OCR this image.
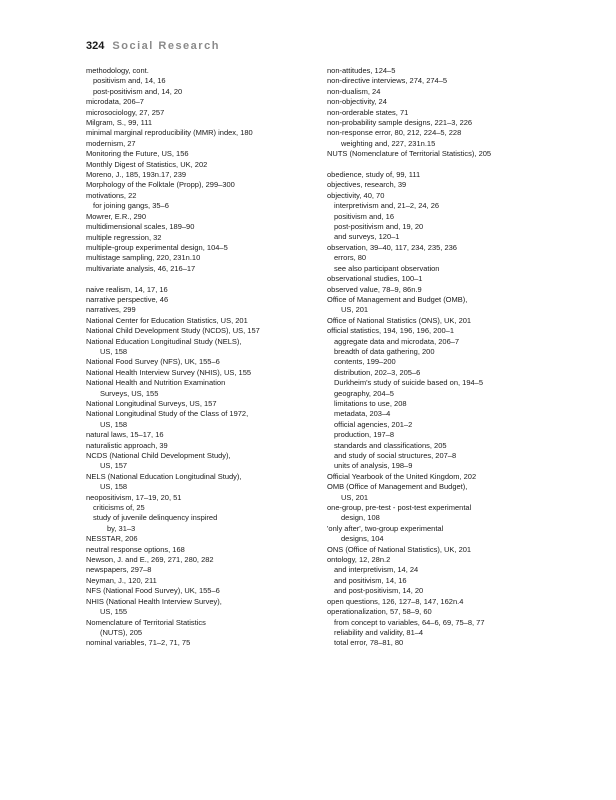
324 Social Research
methodology, cont.
positivism and, 14, 16
post-positivism and, 14, 20
microdata, 206–7
microsociology, 27, 257
Milgram, S., 99, 111
minimal marginal reproducibility (MMR) index, 180
modernism, 27
Monitoring the Future, US, 156
Monthly Digest of Statistics, UK, 202
Moreno, J., 185, 193n.17, 239
Morphology of the Folktale (Propp), 299–300
motivations, 22
for joining gangs, 35–6
Mowrer, E.R., 290
multidimensional scales, 189–90
multiple regression, 32
multiple-group experimental design, 104–5
multistage sampling, 220, 231n.10
multivariate analysis, 46, 216–17
naive realism, 14, 17, 16
narrative perspective, 46
narratives, 299
National Center for Education Statistics, US, 201
National Child Development Study (NCDS), US, 157
National Education Longitudinal Study (NELS),
US, 158
National Food Survey (NFS), UK, 155–6
National Health Interview Survey (NHIS), US, 155
National Health and Nutrition Examination
Surveys, US, 155
National Longitudinal Surveys, US, 157
National Longitudinal Study of the Class of 1972,
US, 158
natural laws, 15–17, 16
naturalistic approach, 39
NCDS (National Child Development Study),
US, 157
NELS (National Education Longitudinal Study),
US, 158
neopositivism, 17–19, 20, 51
criticisms of, 25
study of juvenile delinquency inspired
by, 31–3
NESSTAR, 206
neutral response options, 168
Newson, J. and E., 269, 271, 280, 282
newspapers, 297–8
Neyman, J., 120, 211
NFS (National Food Survey), UK, 155–6
NHIS (National Health Interview Survey),
US, 155
Nomenclature of Territorial Statistics
(NUTS), 205
nominal variables, 71–2, 71, 75
non-attitudes, 124–5
non-directive interviews, 274, 274–5
non-dualism, 24
non-objectivity, 24
non-orderable states, 71
non-probability sample designs, 221–3, 226
non-response error, 80, 212, 224–5, 228
weighting and, 227, 231n.15
NUTS (Nomenclature of Territorial Statistics), 205
obedience, study of, 99, 111
objectives, research, 39
objectivity, 40, 70
interpretivism and, 21–2, 24, 26
positivism and, 16
post-positivism and, 19, 20
and surveys, 120–1
observation, 39–40, 117, 234, 235, 236
errors, 80
see also participant observation
observational studies, 100–1
observed value, 78–9, 86n.9
Office of Management and Budget (OMB),
US, 201
Office of National Statistics (ONS), UK, 201
official statistics, 194, 196, 196, 200–1
aggregate data and microdata, 206–7
breadth of data gathering, 200
contents, 199–200
distribution, 202–3, 205–6
Durkheim's study of suicide based on, 194–5
geography, 204–5
limitations to use, 208
metadata, 203–4
official agencies, 201–2
production, 197–8
standards and classifications, 205
and study of social structures, 207–8
units of analysis, 198–9
Official Yearbook of the United Kingdom, 202
OMB (Office of Management and Budget),
US, 201
one-group, pre-test - post-test experimental
design, 108
'only after', two-group experimental
designs, 104
ONS (Office of National Statistics), UK, 201
ontology, 12, 28n.2
and interpretivism, 14, 24
and positivism, 14, 16
and post-positivism, 14, 20
open questions, 126, 127–8, 147, 162n.4
operationalization, 57, 58–9, 60
from concept to variables, 64–6, 69, 75–8, 77
reliability and validity, 81–4
total error, 78–81, 80
